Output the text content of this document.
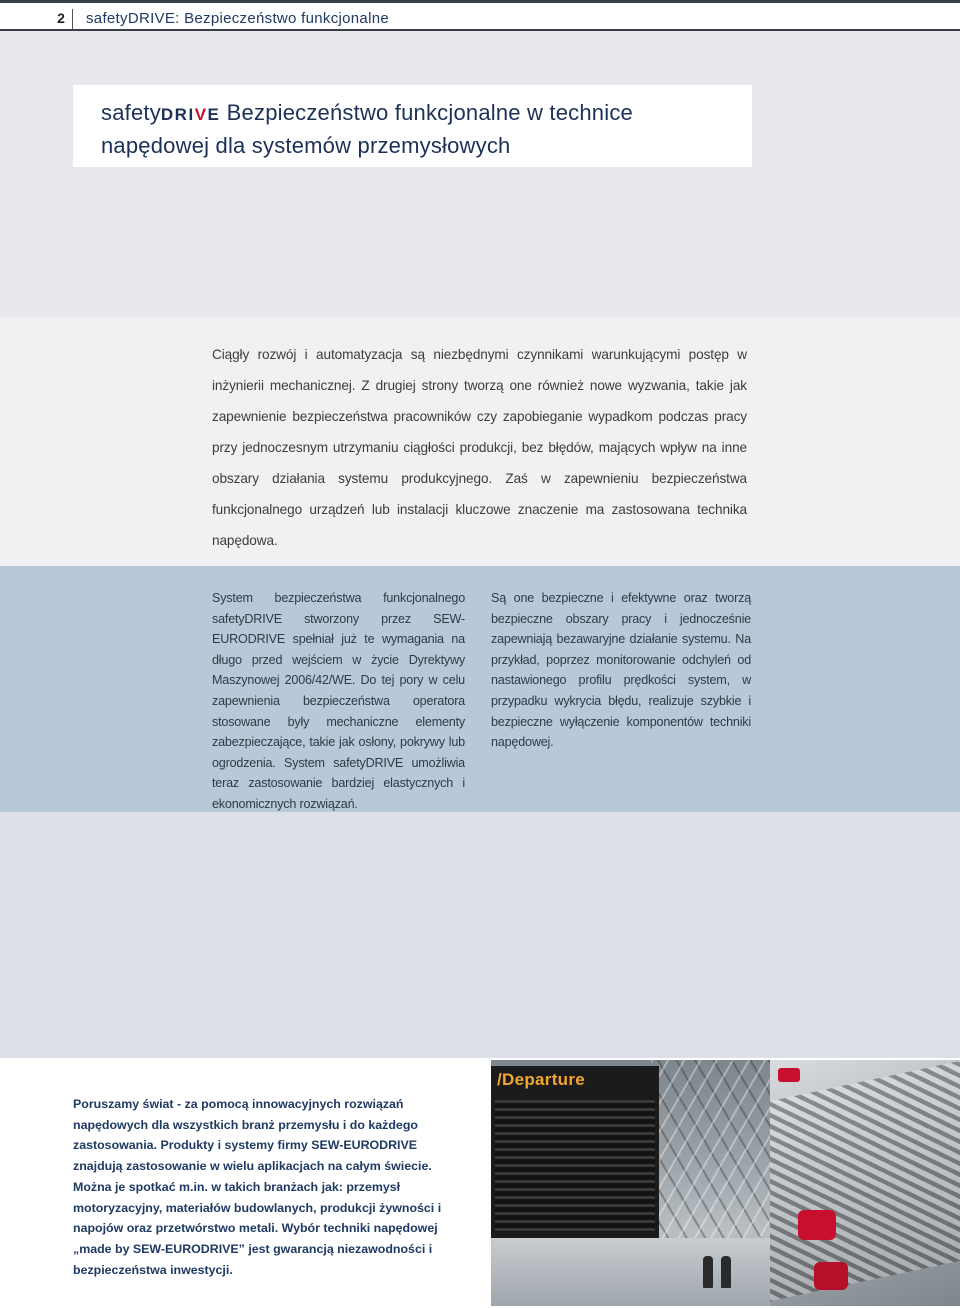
2	safetyDRIVE: Bezpieczeństwo funkcjonalne
safetyDRIVE Bezpieczeństwo funkcjonalne w technice napędowej dla systemów przemysłowych
Ciągły rozwój i automatyzacja są niezbędnymi czynnikami warunkującymi postęp w inżynierii mechanicznej. Z drugiej strony tworzą one również nowe wyzwania, takie jak zapewnienie bezpieczeństwa pracowników czy zapobieganie wypadkom podczas pracy przy jednoczesnym utrzymaniu ciągłości produkcji, bez błędów, mających wpływ na inne obszary działania systemu produkcyjnego. Zaś w zapewnieniu bezpieczeństwa funkcjonalnego urządzeń lub instalacji kluczowe znaczenie ma zastosowana technika napędowa.
System bezpieczeństwa funkcjonalnego safetyDRIVE stworzony przez SEW-EURODRIVE spełniał już te wymagania na długo przed wejściem w życie Dyrektywy Maszynowej 2006/42/WE. Do tej pory w celu zapewnienia bezpieczeństwa operatora stosowane były mechaniczne elementy zabezpieczające, takie jak osłony, pokrywy lub ogrodzenia. System safetyDRIVE umożliwia teraz zastosowanie bardziej elastycznych i ekonomicznych rozwiązań.
Są one bezpieczne i efektywne oraz tworzą bezpieczne obszary pracy i jednocześnie zapewniają bezawaryjne działanie systemu. Na przykład, poprzez monitorowanie odchyleń od nastawionego profilu prędkości system, w przypadku wykrycia błędu, realizuje szybkie i bezpieczne wyłączenie komponentów techniki napędowej.
Poruszamy świat - za pomocą innowacyjnych rozwiązań napędowych dla wszystkich branż przemysłu i do każdego zastosowania. Produkty i systemy firmy SEW-EURODRIVE znajdują zastosowanie w wielu aplikacjach na całym świecie. Można je spotkać m.in. w takich branżach jak: przemysł motoryzacyjny, materiałów budowlanych, produkcji żywności i napojów oraz przetwórstwo metali. Wybór techniki napędowej „made by SEW-EURODRIVE” jest gwarancją niezawodności i bezpieczeństwa inwestycji.
/Departure
